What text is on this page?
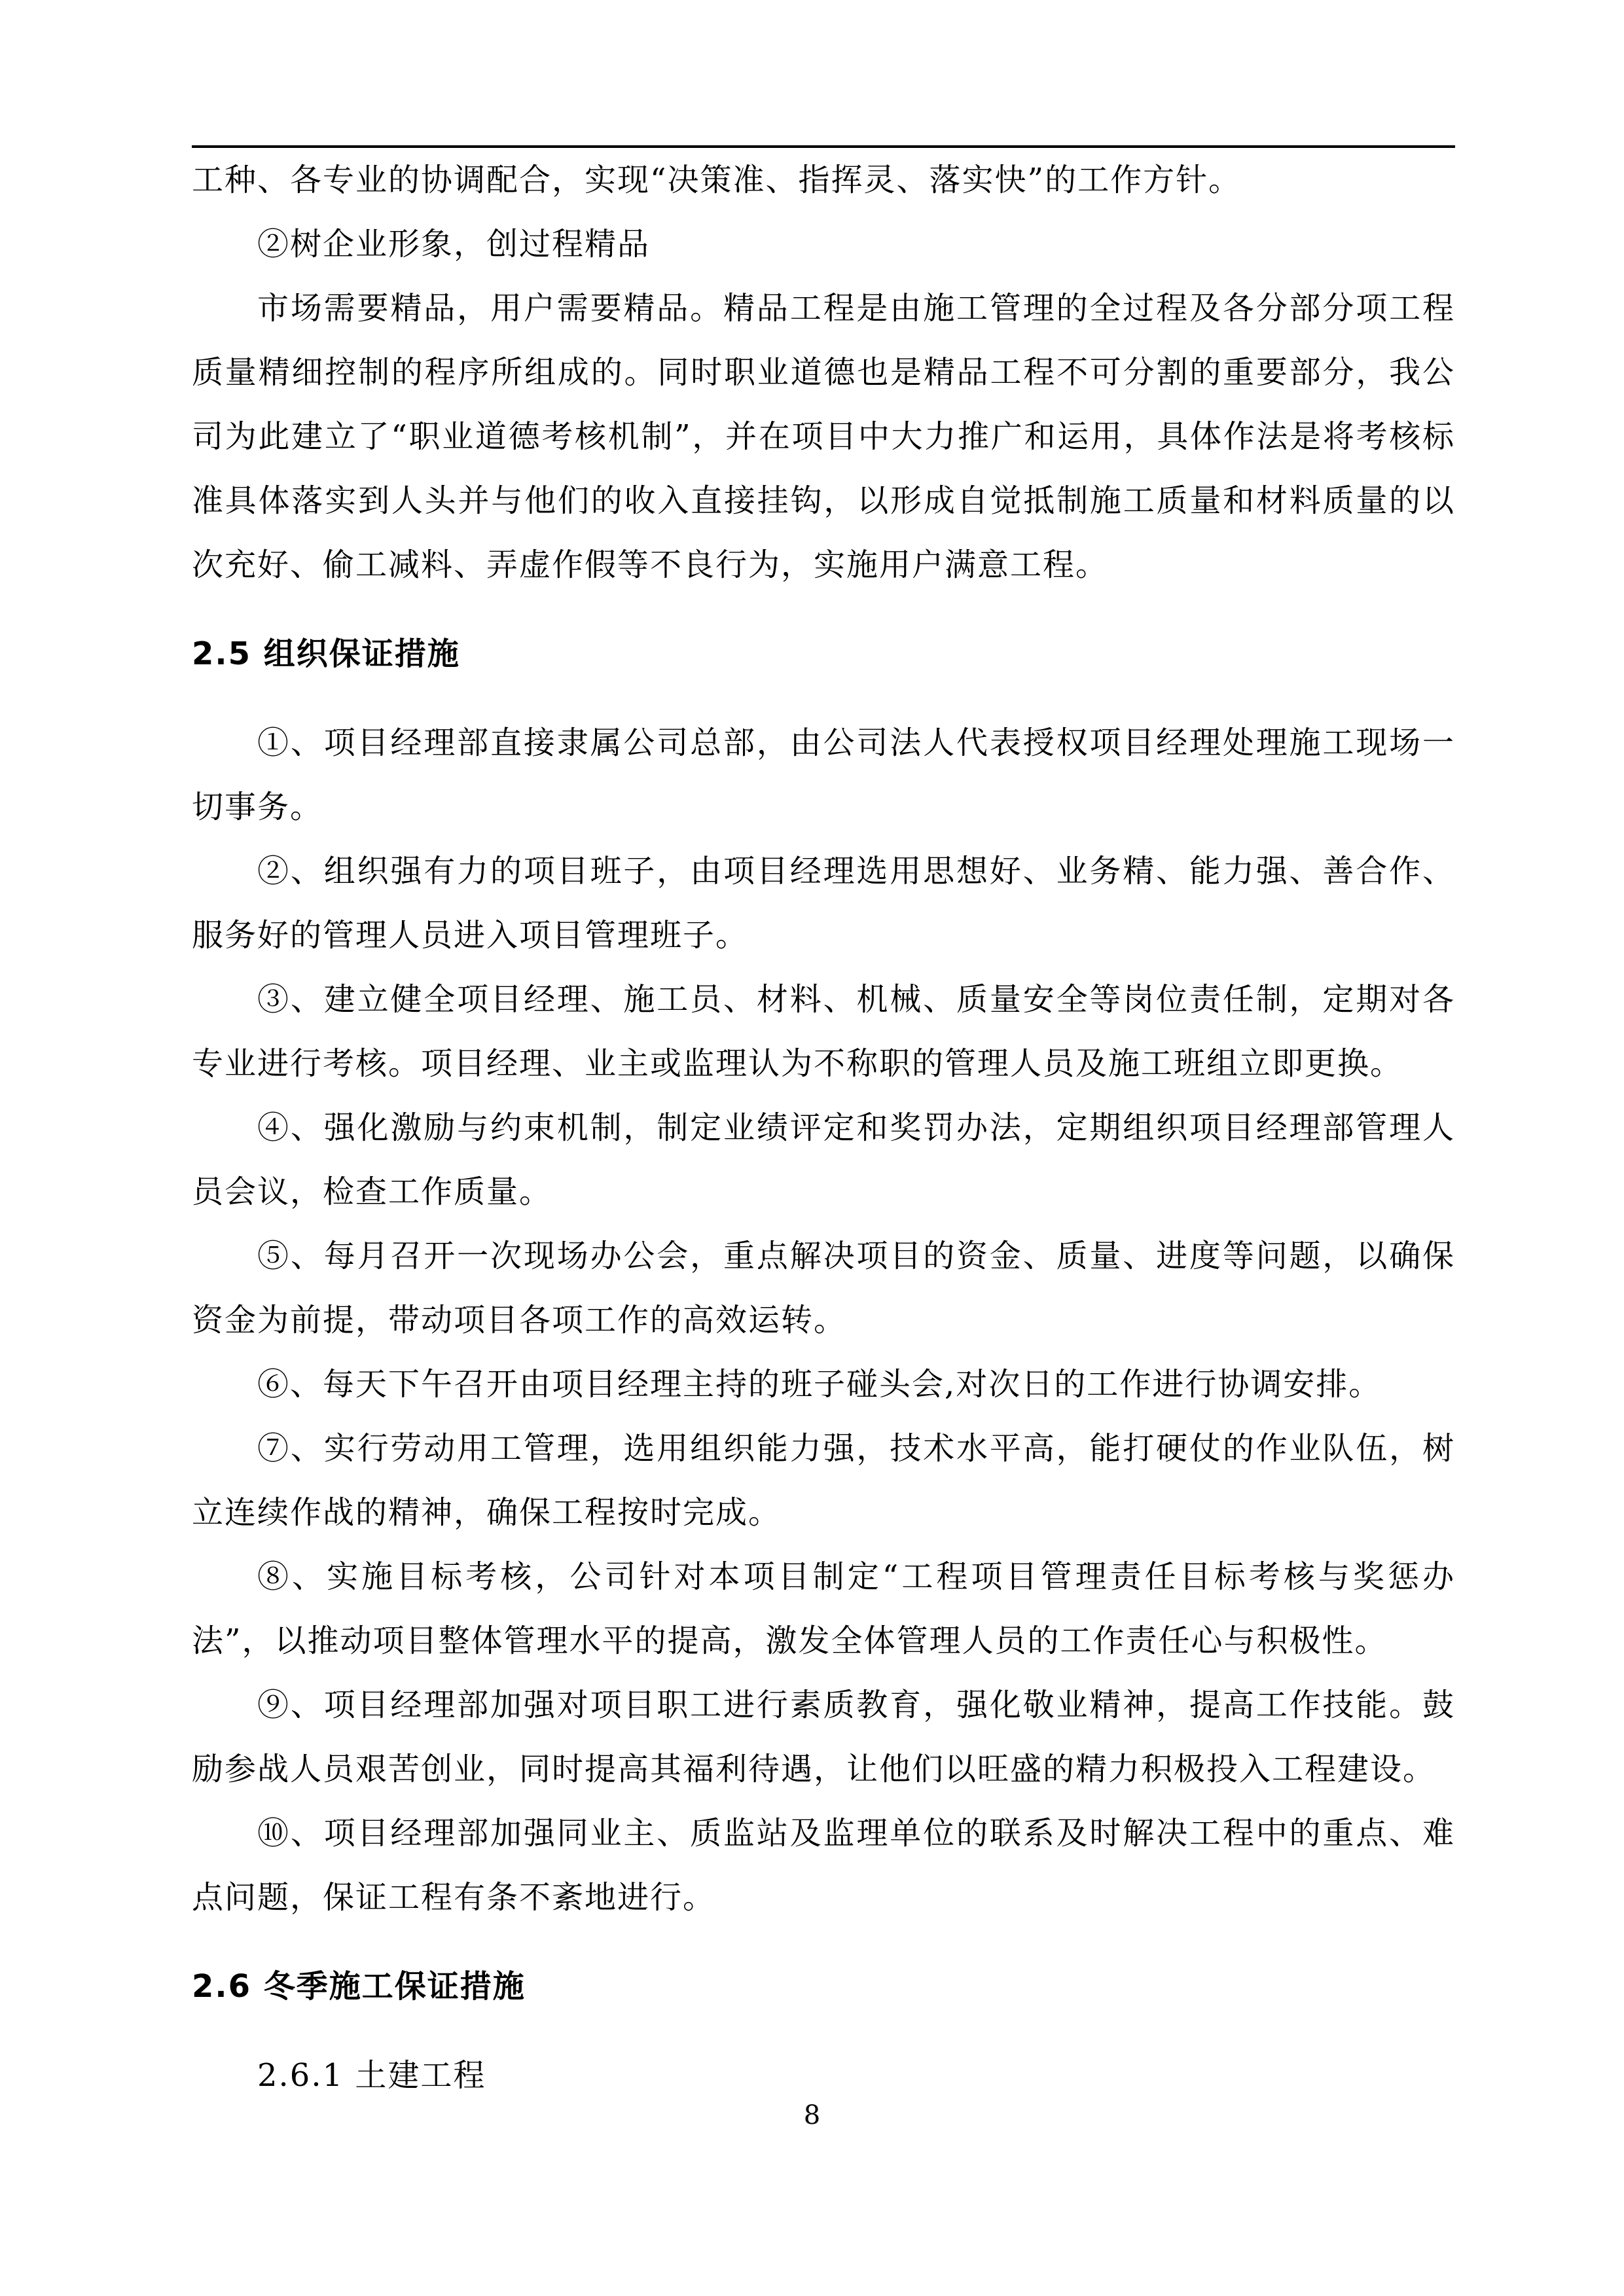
工种、各专业的协调配合，实现“决策准、指挥灵、落实快”的工作方针。

②树企业形象，创过程精品

市场需要精品，用户需要精品。精品工程是由施工管理的全过程及各分部分项工程质量精细控制的程序所组成的。同时职业道德也是精品工程不可分割的重要部分，我公司为此建立了“职业道德考核机制”，并在项目中大力推广和运用，具体作法是将考核标准具体落实到人头并与他们的收入直接挂钩，以形成自觉抵制施工质量和材料质量的以次充好、偷工减料、弄虚作假等不良行为，实施用户满意工程。

2.5 组织保证措施

①、项目经理部直接隶属公司总部，由公司法人代表授权项目经理处理施工现场一切事务。

②、组织强有力的项目班子，由项目经理选用思想好、业务精、能力强、善合作、服务好的管理人员进入项目管理班子。

③、建立健全项目经理、施工员、材料、机械、质量安全等岗位责任制，定期对各专业进行考核。项目经理、业主或监理认为不称职的管理人员及施工班组立即更换。

④、强化激励与约束机制，制定业绩评定和奖罚办法，定期组织项目经理部管理人员会议，检查工作质量。

⑤、每月召开一次现场办公会，重点解决项目的资金、质量、进度等问题，以确保资金为前提，带动项目各项工作的高效运转。

⑥、每天下午召开由项目经理主持的班子碰头会,对次日的工作进行协调安排。

⑦、实行劳动用工管理，选用组织能力强，技术水平高，能打硬仗的作业队伍，树立连续作战的精神，确保工程按时完成。

⑧、实施目标考核，公司针对本项目制定“工程项目管理责任目标考核与奖惩办法”，以推动项目整体管理水平的提高，激发全体管理人员的工作责任心与积极性。

⑨、项目经理部加强对项目职工进行素质教育，强化敬业精神，提高工作技能。鼓励参战人员艰苦创业，同时提高其福利待遇，让他们以旺盛的精力积极投入工程建设。

⑩、项目经理部加强同业主、质监站及监理单位的联系及时解决工程中的重点、难点问题，保证工程有条不紊地进行。

2.6 冬季施工保证措施

2.6.1 土建工程

8
